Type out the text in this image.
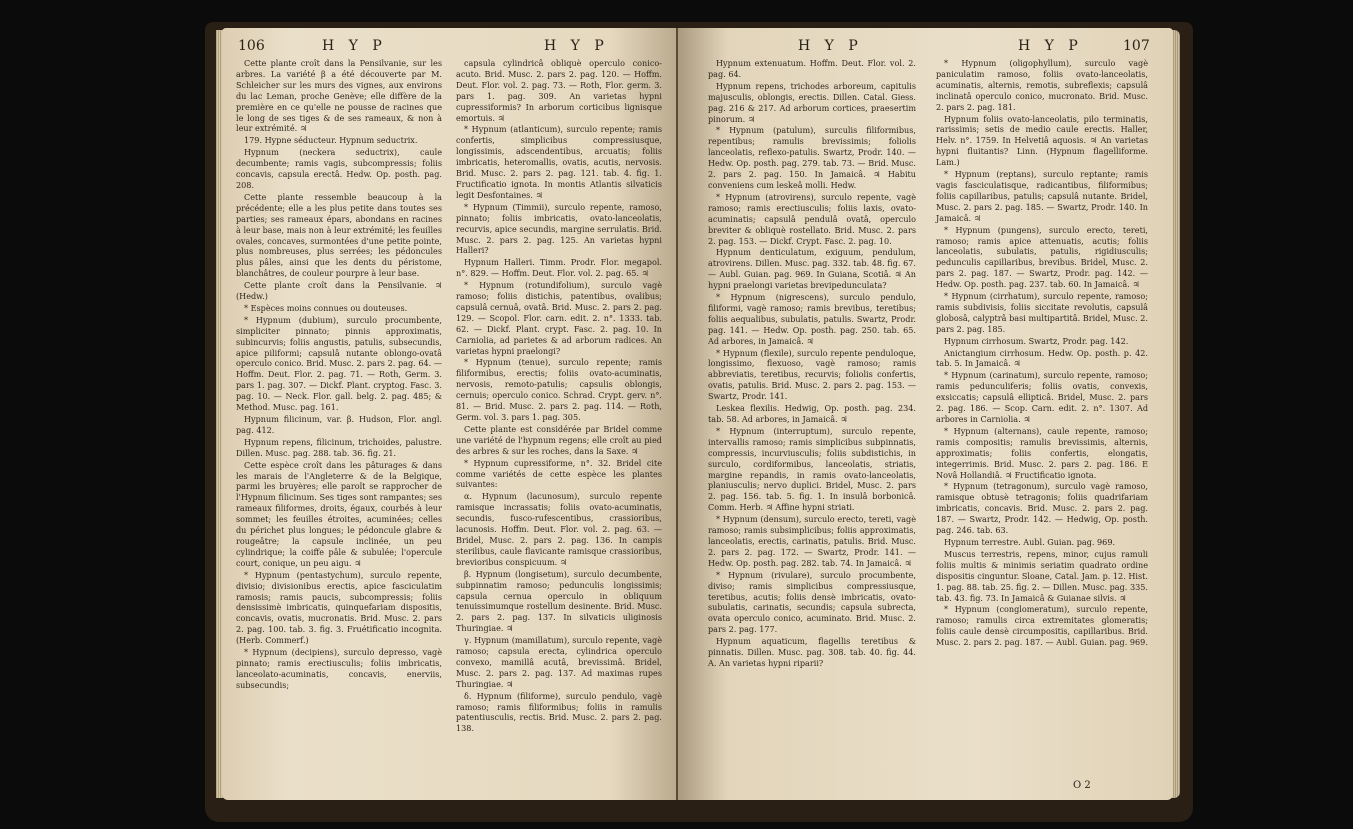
106	H Y P	H Y P

Cette plante croît dans la Pensilvanie, sur les arbres. La variété β a été découverte par M. Schleicher sur les murs des vignes, aux environs du lac Leman, proche Genève; elle diffère de la première en ce qu'elle ne pousse de racines que le long de ses tiges & de ses rameaux, & non à leur extrémité. ♃

179. Hypne séducteur. Hypnum seductrix.

Hypnum (neckera seductrix), caule decumbente; ramis vagis, subcompressis; foliis concavis, capsula erectâ. Hedw. Op. posth. pag. 208.

Cette plante ressemble beaucoup à la précédente; elle a les plus petite dans toutes ses parties; ses rameaux épars, abondans en racines à leur base, mais non à leur extrémité; les feuilles ovales, concaves, surmontées d'une petite pointe, plus nombreuses, plus serrées; les pédoncules plus pâles, ainsi que les dents du péristome, blanchâtres, de couleur pourpre à leur base.

Cette plante croît dans la Pensilvanie. ♃ (Hedw.)

* Espèces moins connues ou douteuses.

* Hypnum (dubium), surculo procumbente, simpliciter pinnato; pinnis approximatis, subincurvis; foliis angustis, patulis, subsecundis, apice piliformi; capsulâ nutante oblongo-ovatâ operculo conico. Brid. Musc. 2. pars 2. pag. 64. — Hoffm. Deut. Flor. 2. pag. 71. — Roth, Germ. 3. pars 1. pag. 307. — Dickf. Plant. cryptog. Fasc. 3. pag. 10. — Neck. Flor. gall. belg. 2. pag. 485; & Method. Musc. pag. 161.

Hypnum filicinum, var. β. Hudson, Flor. angl. pag. 412.

Hypnum repens, filicinum, trichoides, palustre. Dillen. Musc. pag. 288. tab. 36. fig. 21.

Cette espèce croît dans les pâturages & dans les marais de l'Angleterre & de la Belgique, parmi les bruyères; elle paroît se rapprocher de l'Hypnum filicinum. Ses tiges sont rampantes; ses rameaux filiformes, droits, égaux, courbés à leur sommet; les feuilles étroites, acuminées; celles du périchet plus longues; le pédoncule glabre & rougeâtre; la capsule inclinée, un peu cylindrique; la coiffe pâle & subulée; l'opercule court, conique, un peu aigu. ♃

* Hypnum (pentastychum), surculo repente, divisio; divisionibus erectis, apice fasciculatim ramosis; ramis paucis, subcompressis; foliis densissimè imbricatis, quinquefariam dispositis, concavis, ovatis, mucronatis. Brid. Musc. 2. pars 2. pag. 100. tab. 3. fig. 3. Fruétificatio incognita. (Herb. Commerf.)

* Hypnum (decipiens), surculo depresso, vagè pinnato; ramis erectiusculis; foliis imbricatis, lanceolato-acuminatis, concavis, enerviis, subsecundis;

capsula cylindricâ obliquè operculo conico-acuto. Brid. Musc. 2. pars 2. pag. 120. — Hoffm. Deut. Flor. vol. 2. pag. 73. — Roth, Flor. germ. 3. pars 1. pag. 309. An varietas hypni cupressiformis? In arborum corticibus lignisque emortuis. ♃

* Hypnum (atlanticum), surculo repente; ramis confertis, simplicibus compressiusque, longissimis, adscendentibus, arcuatis; foliis imbricatis, heteromallis, ovatis, acutis, nervosis. Brid. Musc. 2. pars 2. pag. 121. tab. 4. fig. 1. Fructificatio ignota. In montis Atlantis silvaticis legit Desfontaines. ♃

* Hypnum (Timmii), surculo repente, ramoso, pinnato; foliis imbricatis, ovato-lanceolatis, recurvis, apice secundis, margine serrulatis. Brid. Musc. 2. pars 2. pag. 125. An varietas hypni Halleri?

Hypnum Halleri. Timm. Prodr. Flor. megapol. n°. 829. — Hoffm. Deut. Flor. vol. 2. pag. 65. ♃

* Hypnum (rotundifolium), surculo vagè ramoso; foliis distichis, patentibus, ovalibus; capsulâ cernuâ, ovatâ. Brid. Musc. 2. pars 2. pag. 129. — Scopol. Flor. carn. edit. 2. n°. 1333. tab. 62. — Dickf. Plant. crypt. Fasc. 2. pag. 10. In Carniolia, ad parietes & ad arborum radices. An varietas hypni praelongi?

* Hypnum (tenue), surculo repente; ramis filiformibus, erectis; foliis ovato-acuminatis, nervosis, remoto-patulis; capsulis oblongis, cernuis; operculo conico. Schrad. Crypt. gerv. n°. 81. — Brid. Musc. 2. pars 2. pag. 114. — Roth, Germ. vol. 3. pars 1. pag. 305.

Cette plante est considérée par Bridel comme une variété de l'hypnum regens; elle croît au pied des arbres & sur les roches, dans la Saxe. ♃

* Hypnum cupressiforme, n°. 32. Bridel cite comme variétés de cette espèce les plantes suivantes:

α. Hypnum (lacunosum), surculo repente ramisque incrassatis; foliis ovato-acuminatis, secundis, fusco-rufescentibus, crassioribus, lacunosis. Hoffm. Deut. Flor. vol. 2. pag. 63. — Bridel, Musc. 2. pars 2. pag. 136. In campis sterilibus, caule flavicante ramisque crassioribus, brevioribus conspicuum. ♃

β. Hypnum (longisetum), surculo decumbente, subpinnatim ramoso; pedunculis longissimis; capsula cernua operculo in obliquum tenuissimumque rostellum desinente. Brid. Musc. 2. pars 2. pag. 137. In silvaticis uliginosis Thuringiae. ♃

γ. Hypnum (mamillatum), surculo repente, vagè ramoso; capsula erecta, cylindrica operculo convexo, mamillâ acutâ, brevissimâ. Bridel, Musc. 2. pars 2. pag. 137. Ad maximas rupes Thuringiae. ♃

δ. Hypnum (filiforme), surculo pendulo, vagè ramoso; ramis filiformibus; foliis in ramulis patentiusculis, rectis. Brid. Musc. 2. pars 2. pag. 138.

H Y P	H Y P	107

Hypnum extenuatum. Hoffm. Deut. Flor. vol. 2. pag. 64.

Hypnum repens, trichodes arboreum, capitulis majusculis, oblongis, erectis. Dillen. Catal. Giess. pag. 216 & 217. Ad arborum cortices, praesertim pinorum. ♃

* Hypnum (patulum), surculis filiformibus, repentibus; ramulis brevissimis; foliolis lanceolatis, reflexo-patulis. Swartz, Prodr. 140. — Hedw. Op. posth. pag. 279. tab. 73. — Brid. Musc. 2. pars 2. pag. 150. In Jamaicâ. ♃ Habitu conveniens cum leskeâ molli. Hedw.

* Hypnum (atrovirens), surculo repente, vagè ramoso; ramis erectiusculis; foliis laxis, ovato-acuminatis; capsulâ pendulâ ovatâ, operculo breviter & obliquè rostellato. Brid. Musc. 2. pars 2. pag. 153. — Dickf. Crypt. Fasc. 2. pag. 10.

Hypnum denticulatum, exiguum, pendulum, atrovirens. Dillen. Musc. pag. 332. tab. 48. fig. 67. — Aubl. Guian. pag. 969. In Guiana, Scotiâ. ♃ An hypni praelongi varietas brevipedunculata?

* Hypnum (nigrescens), surculo pendulo, filiformi, vagè ramoso; ramis brevibus, teretibus; foliis aequalibus, subulatis, patulis. Swartz, Prodr. pag. 141. — Hedw. Op. posth. pag. 250. tab. 65. Ad arbores, in Jamaicâ. ♃

* Hypnum (flexile), surculo repente penduloque, longissimo, flexuoso, vagè ramoso; ramis abbreviatis, teretibus, recurvis; foliolis confertis, ovatis, patulis. Brid. Musc. 2. pars 2. pag. 153. — Swartz, Prodr. 141.

Leskea flexilis. Hedwig, Op. posth. pag. 234. tab. 58. Ad arbores, in Jamaicâ. ♃

* Hypnum (interruptum), surculo repente, intervallis ramoso; ramis simplicibus subpinnatis, compressis, incurviusculis; foliis subdistichis, in surculo, cordiformibus, lanceolatis, striatis, margine repandis, in ramis ovato-lanceolatis, planiusculis; nervo duplici. Bridel, Musc. 2. pars 2. pag. 156. tab. 5. fig. 1. In insulâ borbonicâ. Comm. Herb. ♃ Affine hypni striati.

* Hypnum (densum), surculo erecto, tereti, vagè ramoso; ramis subsimplicibus; foliis approximatis, lanceolatis, erectis, carinatis, patulis. Brid. Musc. 2. pars 2. pag. 172. — Swartz, Prodr. 141. — Hedw. Op. posth. pag. 282. tab. 74. In Jamaicâ. ♃

* Hypnum (rivulare), surculo procumbente, diviso; ramis simplicibus compressiusque, teretibus, acutis; foliis densè imbricatis, ovato-subulatis, carinatis, secundis; capsula subrecta, ovata operculo conico, acuminato. Brid. Musc. 2. pars 2. pag. 177.

Hypnum aquaticum, flagellis teretibus & pinnatis. Dillen. Musc. pag. 308. tab. 40. fig. 44. A. An varietas hypni riparii?

* Hypnum (oligophyllum), surculo vagè paniculatim ramoso, foliis ovato-lanceolatis, acuminatis, alternis, remotis, subreflexis; capsulâ inclinatâ operculo conico, mucronato. Brid. Musc. 2. pars 2. pag. 181.

Hypnum foliis ovato-lanceolatis, pilo terminatis, rarissimis; setis de medio caule erectis. Haller, Helv. n°. 1759. In Helvetiâ aquosis. ♃ An varietas hypni fluitantis? Linn. (Hypnum flagelliforme. Lam.)

* Hypnum (reptans), surculo reptante; ramis vagis fasciculatisque, radicantibus, filiformibus; foliis capillaribus, patulis; capsulâ nutante. Bridel, Musc. 2. pars 2. pag. 185. — Swartz, Prodr. 140. In Jamaicâ. ♃

* Hypnum (pungens), surculo erecto, tereti, ramoso; ramis apice attenuatis, acutis; foliis lanceolatis, subulatis, patulis, rigidiusculis; pedunculis capillaribus, brevibus. Bridel, Musc. 2. pars 2. pag. 187. — Swartz, Prodr. pag. 142. — Hedw. Op. posth. pag. 237. tab. 60. In Jamaicâ. ♃

* Hypnum (cirrhatum), surculo repente, ramoso; ramis subdivisis, foliis siccitate revolutis, capsulâ globosâ, calyptrâ basi multipartitâ. Bridel, Musc. 2. pars 2. pag. 185.

Hypnum cirrhosum. Swartz, Prodr. pag. 142.

Anictangium cirrhosum. Hedw. Op. posth. p. 42. tab. 5. In Jamaicâ. ♃

* Hypnum (carinatum), surculo repente, ramoso; ramis pedunculiferis; foliis ovatis, convexis, exsiccatis; capsulâ ellipticâ. Bridel, Musc. 2. pars 2. pag. 186. — Scop. Carn. edit. 2. n°. 1307. Ad arbores in Carniolia. ♃

* Hypnum (alternans), caule repente, ramoso; ramis compositis; ramulis brevissimis, alternis, approximatis; foliis confertis, elongatis, integerrimis. Brid. Musc. 2. pars 2. pag. 186. E Novâ Hollandiâ. ♃ Fructificatio ignota.

* Hypnum (tetragonum), surculo vagè ramoso, ramisque obtusè tetragonis; foliis quadrifariam imbricatis, concavis. Brid. Musc. 2. pars 2. pag. 187. — Swartz, Prodr. 142. — Hedwig, Op. posth. pag. 246. tab. 63.

Hypnum terrestre. Aubl. Guian. pag. 969.

Muscus terrestris, repens, minor, cujus ramuli foliis multis & minimis seriatim quadrato ordine dispositis cinguntur. Sloane, Catal. Jam. p. 12. Hist. 1. pag. 88. tab. 25. fig. 2. — Dillen. Musc. pag. 335. tab. 43. fig. 73. In Jamaicâ & Guianae silvis. ♃

* Hypnum (conglomeratum), surculo repente, ramoso; ramulis circa extremitates glomeratis; foliis caule densè circumpositis, capillaribus. Brid. Musc. 2. pars 2. pag. 187. — Aubl. Guian. pag. 969.

O 2
